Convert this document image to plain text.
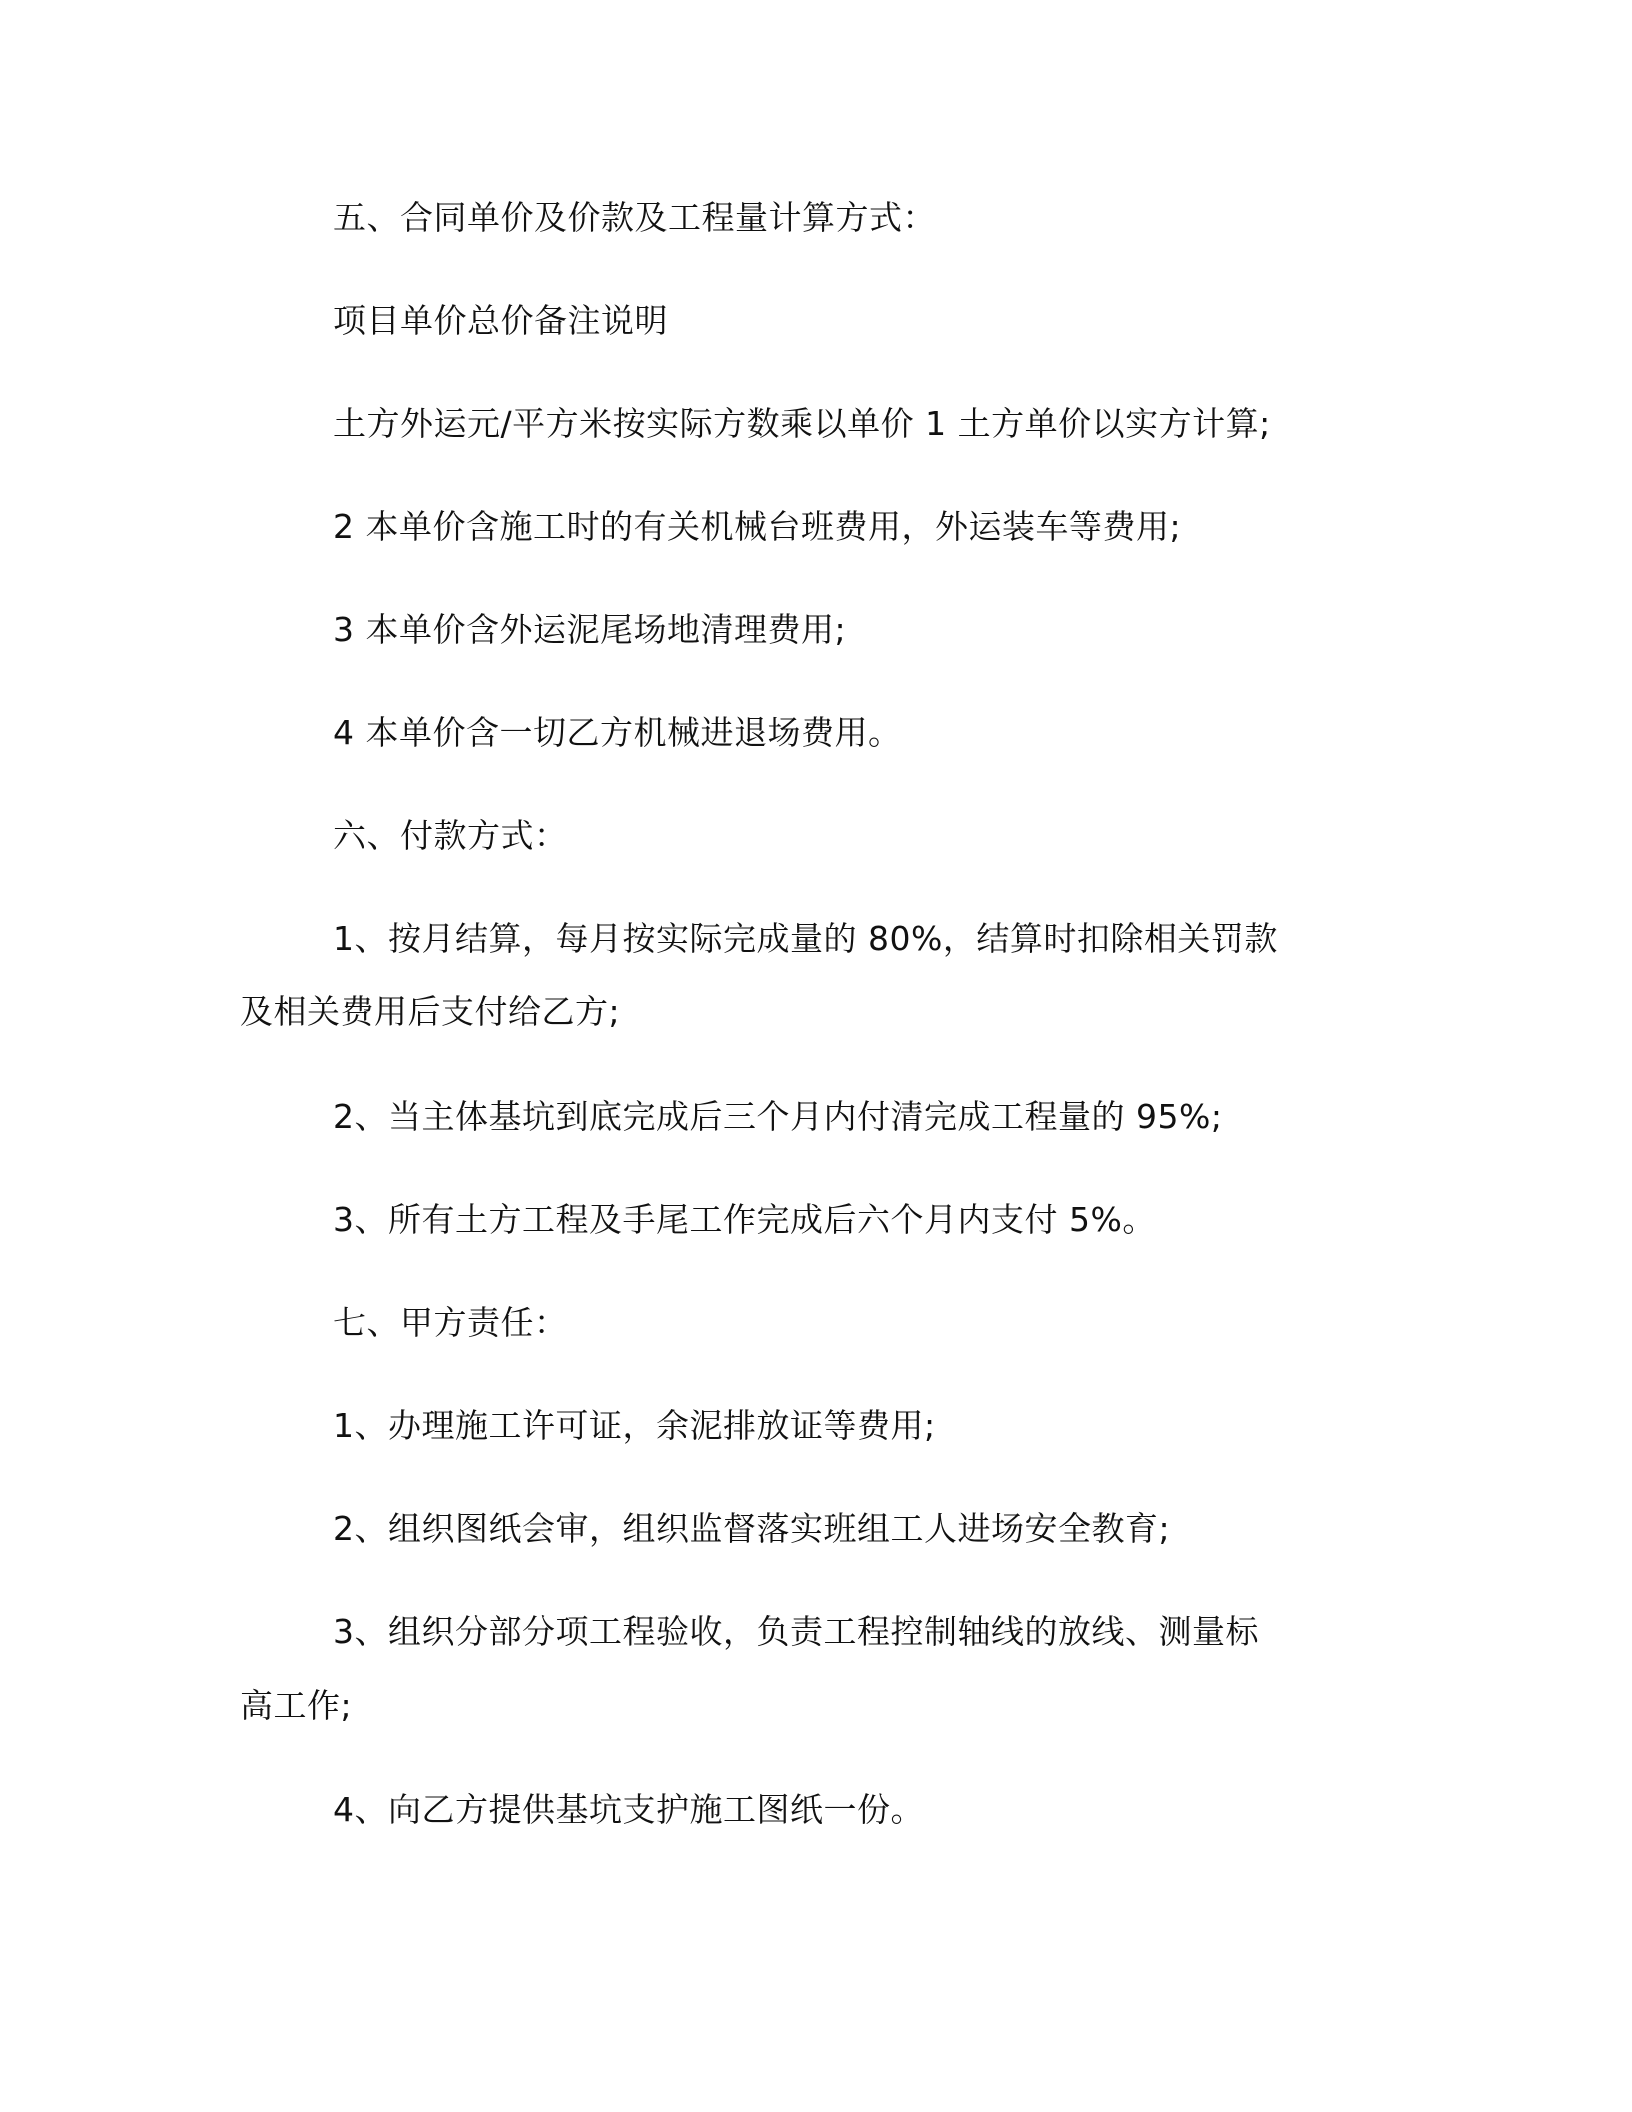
五、合同单价及价款及工程量计算方式：

项目单价总价备注说明

土方外运元/平方米按实际方数乘以单价 1 土方单价以实方计算;

2 本单价含施工时的有关机械台班费用，外运装车等费用;

3 本单价含外运泥尾场地清理费用;

4 本单价含一切乙方机械进退场费用。

六、付款方式：

1、按月结算，每月按实际完成量的 80%，结算时扣除相关罚款

及相关费用后支付给乙方;

2、当主体基坑到底完成后三个月内付清完成工程量的 95%;

3、所有土方工程及手尾工作完成后六个月内支付 5%。

七、甲方责任：

1、办理施工许可证，余泥排放证等费用;

2、组织图纸会审，组织监督落实班组工人进场安全教育;

3、组织分部分项工程验收，负责工程控制轴线的放线、测量标

高工作;

4、向乙方提供基坑支护施工图纸一份。
